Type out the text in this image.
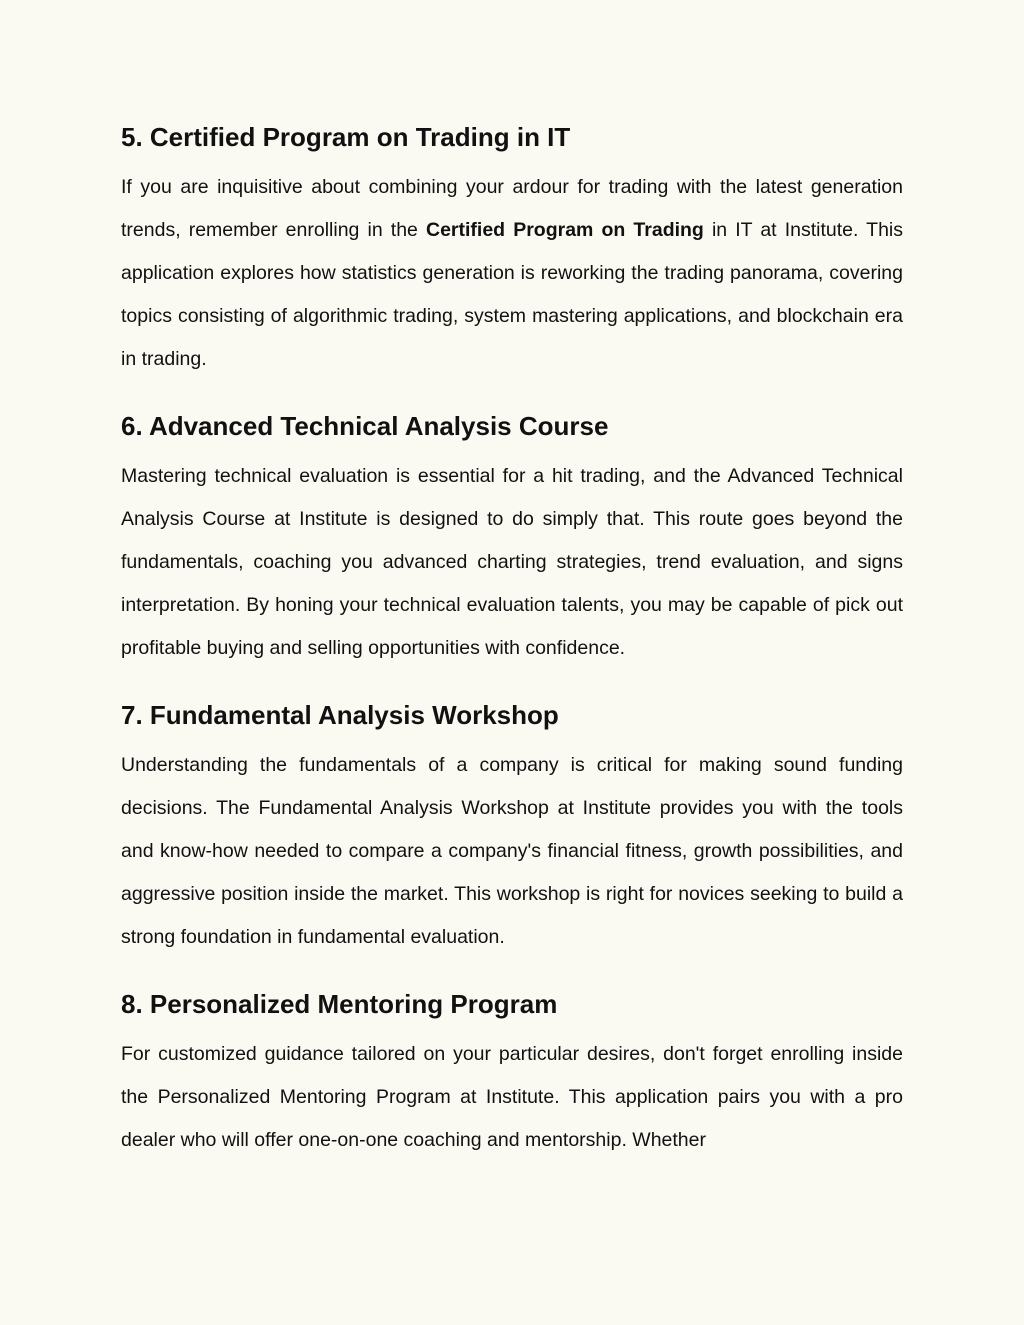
5. Certified Program on Trading in IT

If you are inquisitive about combining your ardour for trading with the latest generation trends, remember enrolling in the Certified Program on Trading in IT at Institute. This application explores how statistics generation is reworking the trading panorama, covering topics consisting of algorithmic trading, system mastering applications, and blockchain era in trading.

6. Advanced Technical Analysis Course

Mastering technical evaluation is essential for a hit trading, and the Advanced Technical Analysis Course at Institute is designed to do simply that. This route goes beyond the fundamentals, coaching you advanced charting strategies, trend evaluation, and signs interpretation. By honing your technical evaluation talents, you may be capable of pick out profitable buying and selling opportunities with confidence.

7. Fundamental Analysis Workshop

Understanding the fundamentals of a company is critical for making sound funding decisions. The Fundamental Analysis Workshop at Institute provides you with the tools and know-how needed to compare a company's financial fitness, growth possibilities, and aggressive position inside the market. This workshop is right for novices seeking to build a strong foundation in fundamental evaluation.

8. Personalized Mentoring Program

For customized guidance tailored on your particular desires, don't forget enrolling inside the Personalized Mentoring Program at Institute. This application pairs you with a pro dealer who will offer one-on-one coaching and mentorship. Whether
